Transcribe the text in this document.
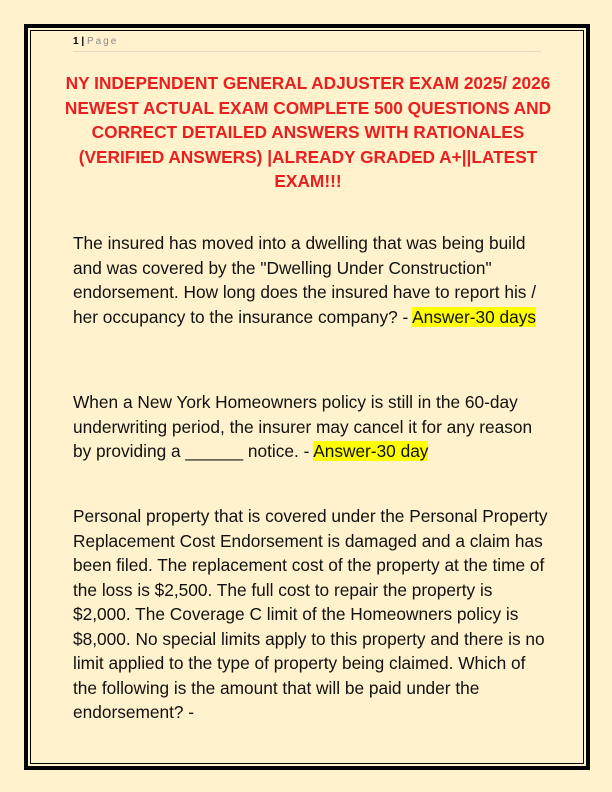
1 | Page
NY INDEPENDENT GENERAL ADJUSTER EXAM 2025/ 2026 NEWEST ACTUAL EXAM COMPLETE 500 QUESTIONS AND CORRECT DETAILED ANSWERS WITH RATIONALES (VERIFIED ANSWERS) |ALREADY GRADED A+||LATEST EXAM!!!
The insured has moved into a dwelling that was being build and was covered by the "Dwelling Under Construction" endorsement. How long does the insured have to report his / her occupancy to the insurance company? - Answer-30 days
When a New York Homeowners policy is still in the 60-day underwriting period, the insurer may cancel it for any reason by providing a ______ notice. - Answer-30 day
Personal property that is covered under the Personal Property Replacement Cost Endorsement is damaged and a claim has been filed. The replacement cost of the property at the time of the loss is $2,500. The full cost to repair the property is $2,000. The Coverage C limit of the Homeowners policy is $8,000. No special limits apply to this property and there is no limit applied to the type of property being claimed. Which of the following is the amount that will be paid under the endorsement? -
